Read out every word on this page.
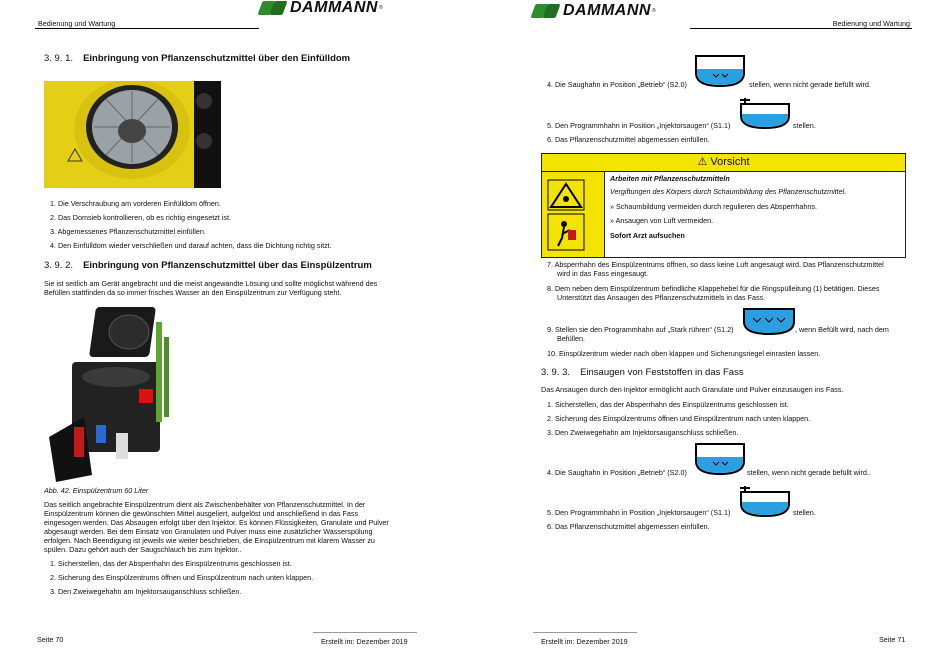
Bedienung und Wartung
DAMMANN ®	DAMMANN ®
Bedienung und Wartung
3. 9. 1. Einbringung von Pflanzenschutzmittel über den Einfülldom
1. Die Verschraubung am vorderen Einfülldom öffnen.
2. Das Domsieb kontrollieren, ob es richtig eingesetzt ist.
3. Abgemessenes Pflanzenschutzmittel einfüllen.
4. Den Einfülldom wieder verschließen und darauf achten, dass die Dichtung richtig sitzt.
3. 9. 2. Einbringung von Pflanzenschutzmittel über das Einspülzentrum
Sie ist seitlich am Gerät angebracht und die meist angewandte Lösung und sollte möglichst während des
Befüllen stattfinden da so immer frisches Wasser an den Einspülzentrum zur Verfügung steht.
Abb. 42. Einspülzentrum 60 Liter
Das seitlich angebrachte Einspülzentrum dient als Zwischenbehälter von Pflanzenschutzmittel. In der
Einspülzentrum können die gewünschten Mittel ausgeliert, aufgelöst und anschließend in das Fass
eingesogen werden. Das Absaugen erfolgt über den Injektor. Es können Flüssigkeiten, Granulate und Pulver
abgesaugt werden. Bei dem Einsatz von Granulaten und Pulver muss eine zusätzlicher Wasserspülung
erfolgen. Nach Beendigung ist jeweils wie weiter beschrieben, die Einspülzentrum mit klarem Wasser zu
spülen. Dazu gehört auch der Saugschlauch bis zum Injektor..
1. Sicherstellen, das der Absperrhahn des Einspülzentrums geschlossen ist.
2. Sicherung des Einspülzentrums öffnen und Einspülzentrum nach unten klappen.
3. Den Zweiwegehahn am Injektorsauganschluss schließen.
Seite 70	Erstellt im: Dezember 2019
4. Die Saughahn in Position „Betrieb“ (S2.0)	stellen, wenn nicht gerade befüllt wird.
5. Den Programmhahn in Position „Injektorsaugen“ (S1.1)	stellen.
6. Das Pflanzenschutzmittel abgemessen einfüllen.
⚠ Vorsicht
Arbeiten mit Pflanzenschutzmitteln
Vergiftungen des Körpers durch Schaumbildung des Pflanzenschutzmittel.
» Schaumbildung vermeiden durch regulieren des Absperrhahns.
» Ansaugen von Luft vermeiden.
Sofort Arzt aufsuchen
7. Absperrhahn des Einspülzentrums öffnen, so dass keine Luft angesaugt wird. Das Pflanzenschutzmittel
wird in das Fass eingesaugt.
8. Dem neben dem Einspülzentrum befindliche Klappehebel für die Ringspülleitung (1) betätigen. Dieses
Unterstützt das Ansaugen des Pflanzenschutzmittels in das Fass.
9. Stellen sie den Programmhahn auf „Stark rühren“ (S1.2)	, wenn Befüllt wird, nach dem
Befüllen.
10. Einspülzentrum wieder nach oben klappen und Sicherungsriegel einrasten lassen.
3. 9. 3. Einsaugen von Feststoffen in das Fass
Das Ansaugen durch den Injektor ermöglicht auch Granulate und Pulver einzusaugen ins Fass.
1. Sicherstellen, das der Absperrhahn des Einspülzentrums geschlossen ist.
2. Sicherung des Einspülzentrums öffnen und Einspülzentrum nach unten klappen.
3. Den Zweiwegehahn am Injektorsauganschluss schließen.
4. Die Saughahn in Position „Betrieb“ (S2.0)	stellen, wenn nicht gerade befüllt wird..
5. Den Programmhahn in Position „Injektorsaugen“ (S1.1)	stellen.
6. Das Pflanzenschutzmittel abgemessen einfüllen.
Erstellt im: Dezember 2019	Seite 71
